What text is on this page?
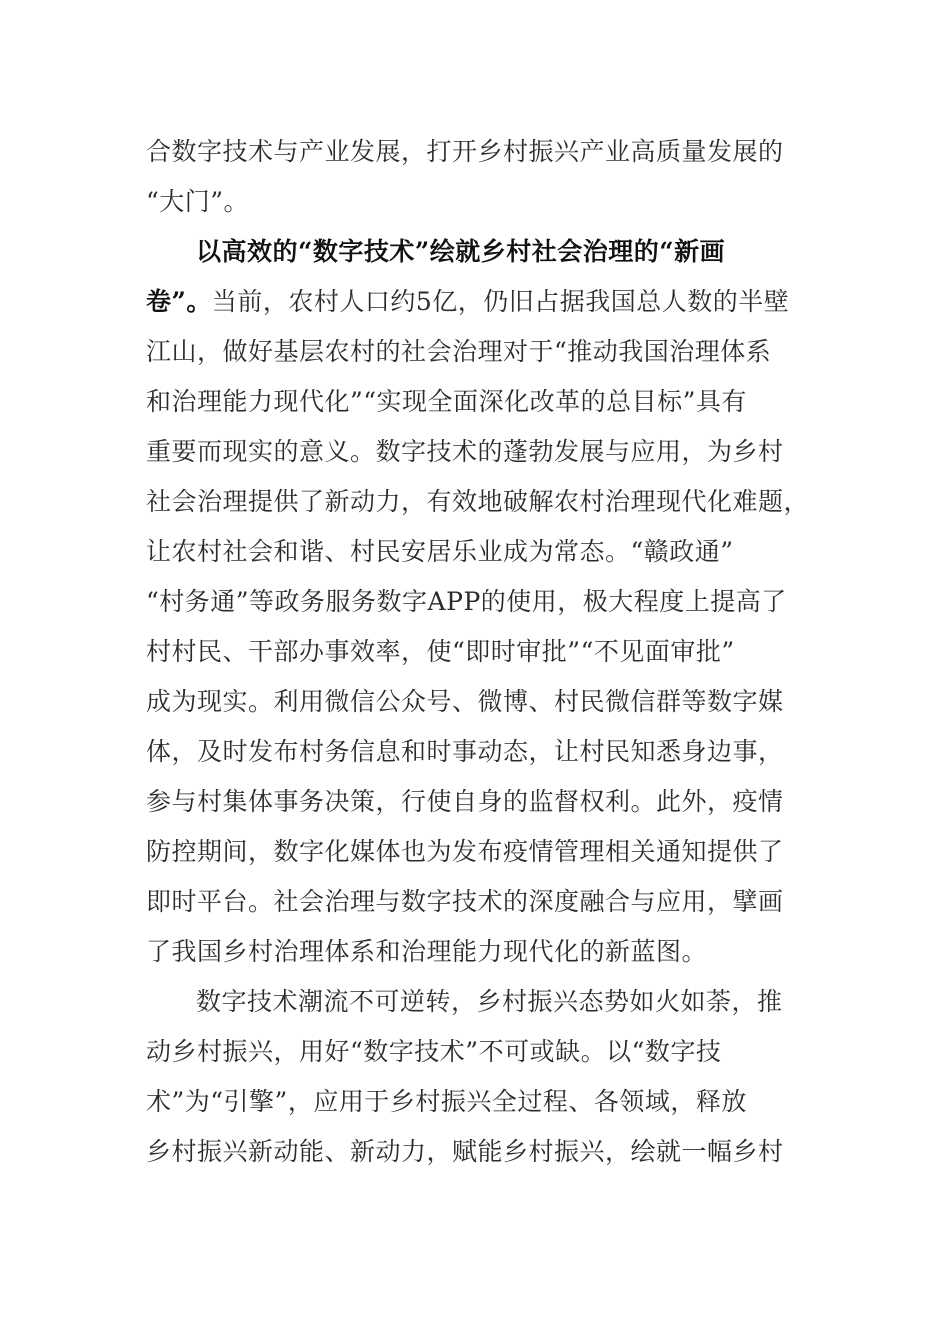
合数字技术与产业发展，打开乡村振兴产业高质量发展的
“大门”。
以高效的“数字技术”绘就乡村社会治理的“新画
卷”。当前，农村人口约5亿，仍旧占据我国总人数的半壁
江山，做好基层农村的社会治理对于“推动我国治理体系
和治理能力现代化”“实现全面深化改革的总目标”具有
重要而现实的意义。数字技术的蓬勃发展与应用，为乡村
社会治理提供了新动力，有效地破解农村治理现代化难题，
让农村社会和谐、村民安居乐业成为常态。“赣政通”
“村务通”等政务服务数字APP的使用，极大程度上提高了
村村民、干部办事效率，使“即时审批”“不见面审批”
成为现实。利用微信公众号、微博、村民微信群等数字媒
体，及时发布村务信息和时事动态，让村民知悉身边事，
参与村集体事务决策，行使自身的监督权利。此外，疫情
防控期间，数字化媒体也为发布疫情管理相关通知提供了
即时平台。社会治理与数字技术的深度融合与应用，擘画
了我国乡村治理体系和治理能力现代化的新蓝图。
数字技术潮流不可逆转，乡村振兴态势如火如荼，推
动乡村振兴，用好“数字技术”不可或缺。以“数字技
术”为“引擎”，应用于乡村振兴全过程、各领域，释放
乡村振兴新动能、新动力，赋能乡村振兴，绘就一幅乡村
